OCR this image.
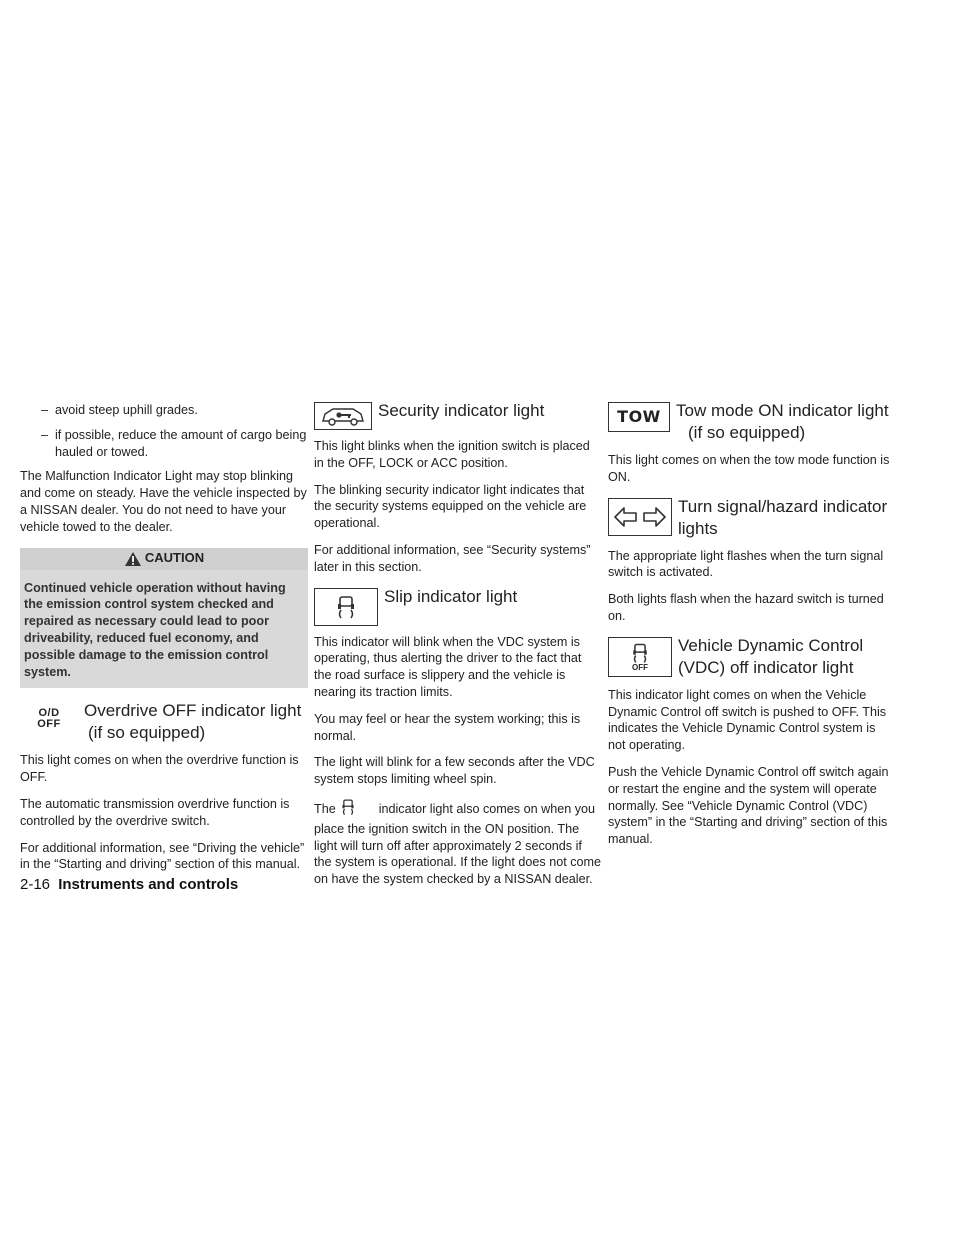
– avoid steep uphill grades.
– if possible, reduce the amount of cargo being hauled or towed.

The Malfunction Indicator Light may stop blinking and come on steady. Have the vehicle inspected by a NISSAN dealer. You do not need to have your vehicle towed to the dealer.

CAUTION
Continued vehicle operation without having the emission control system checked and repaired as necessary could lead to poor driveability, reduced fuel economy, and possible damage to the emission control system.
O/D
OFF
Overdrive OFF indicator light
(if so equipped)

This light comes on when the overdrive function is OFF.

The automatic transmission overdrive function is controlled by the overdrive switch.

For additional information, see “Driving the vehicle” in the “Starting and driving” section of this manual.

Security indicator light

This light blinks when the ignition switch is placed in the OFF, LOCK or ACC position.

The blinking security indicator light indicates that the security systems equipped on the vehicle are operational.

For additional information, see “Security systems” later in this section.

Slip indicator light

This indicator will blink when the VDC system is operating, thus alerting the driver to the fact that the road surface is slippery and the vehicle is nearing its traction limits.

You may feel or hear the system working; this is normal.

The light will blink for a few seconds after the VDC system stops limiting wheel spin.

The	indicator light also comes on when you place the ignition switch in the ON position. The light will turn off after approximately 2 seconds if the system is operational. If the light does not come on have the system checked by a NISSAN dealer.

TOW Tow mode ON indicator light
(if so equipped)

This light comes on when the tow mode function is ON.

Turn signal/hazard indicator
lights

The appropriate light flashes when the turn signal switch is activated.

Both lights flash when the hazard switch is turned on.

OFF
Vehicle Dynamic Control
(VDC) off indicator light

This indicator light comes on when the Vehicle Dynamic Control off switch is pushed to OFF. This indicates the Vehicle Dynamic Control system is not operating.

Push the Vehicle Dynamic Control off switch again or restart the engine and the system will operate normally. See “Vehicle Dynamic Control (VDC) system” in the “Starting and driving” section of this manual.

2-16 Instruments and controls
